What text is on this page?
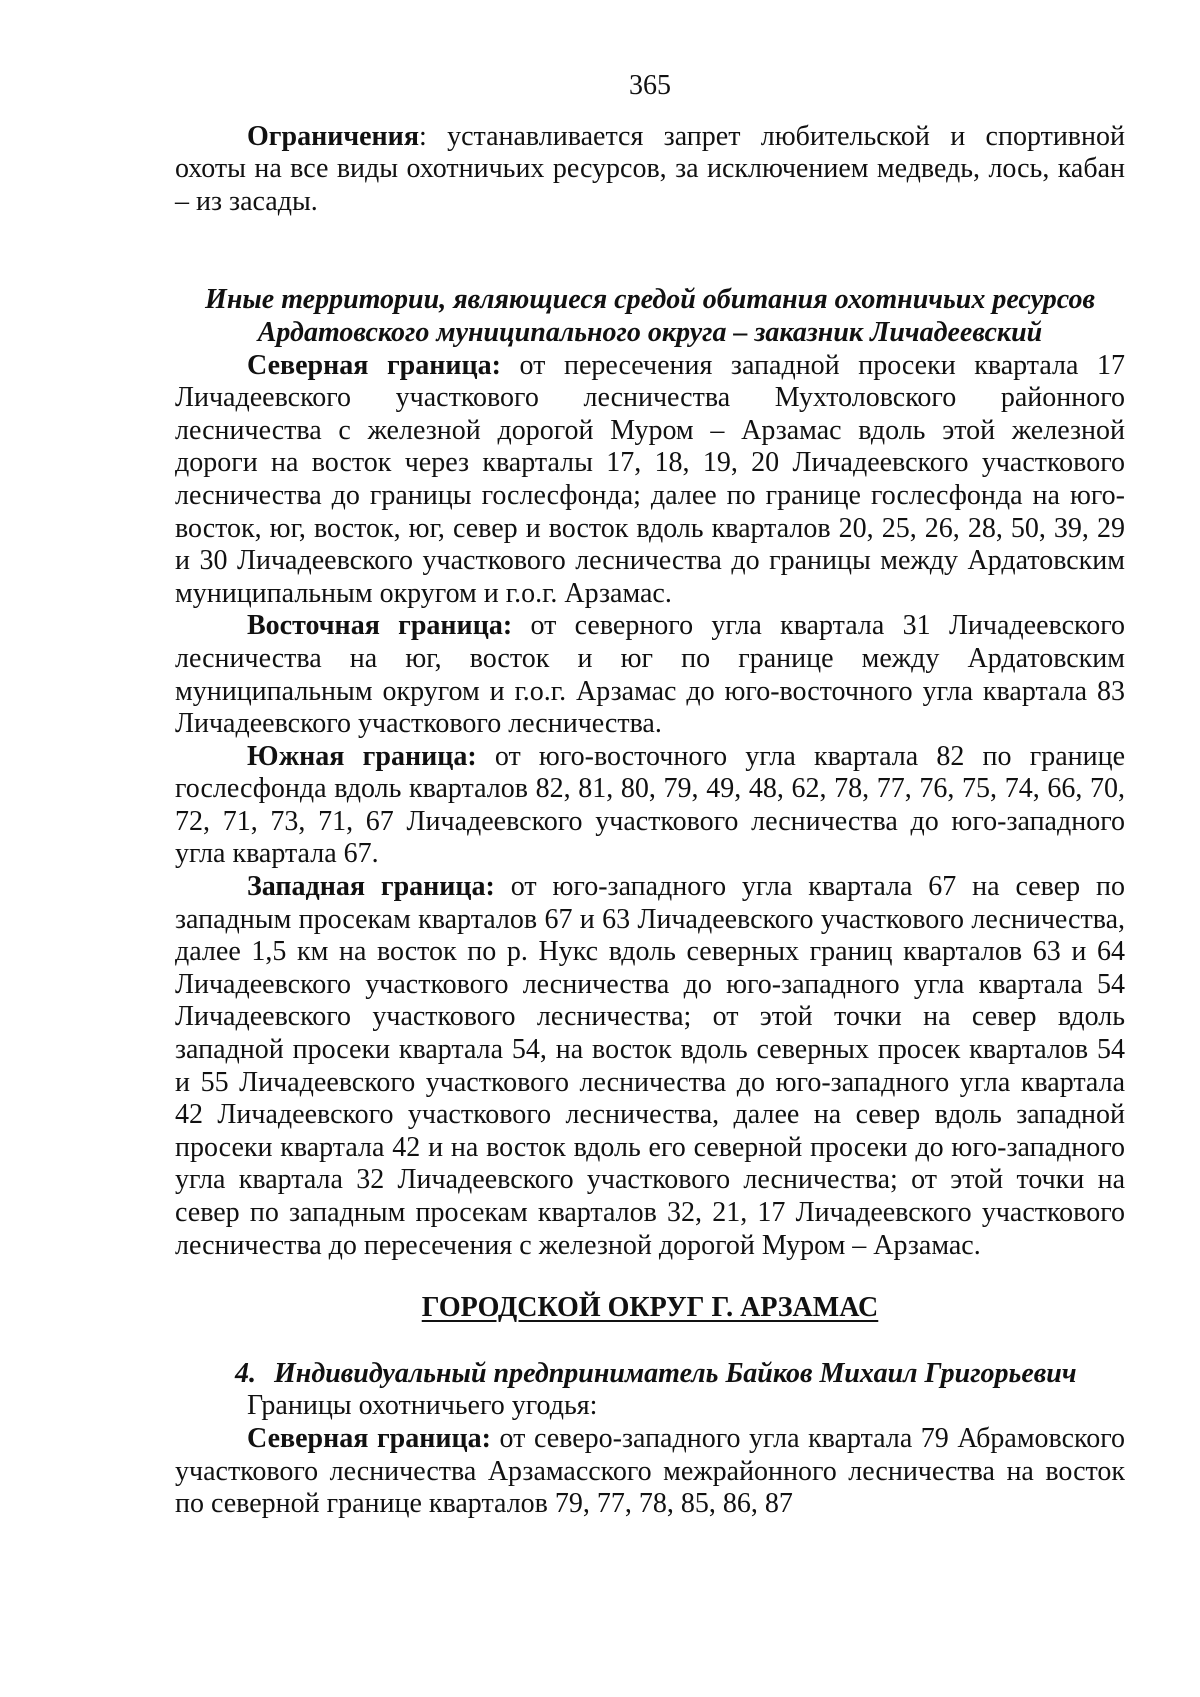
365

Ограничения: устанавливается запрет любительской и спортивной охоты на все виды охотничьих ресурсов, за исключением медведь, лось, кабан – из засады.

Иные территории, являющиеся средой обитания охотничьих ресурсов
Ардатовского муниципального округа – заказник Личадеевский

Северная граница: от пересечения западной просеки квартала 17 Личадеевского участкового лесничества Мухтоловского районного лесничества с железной дорогой Муром – Арзамас вдоль этой железной дороги на восток через кварталы 17, 18, 19, 20 Личадеевского участкового лесничества до границы гослесфонда; далее по границе гослесфонда на юго-восток, юг, восток, юг, север и восток вдоль кварталов 20, 25, 26, 28, 50, 39, 29 и 30 Личадеевского участкового лесничества до границы между Ардатовским муниципальным округом и г.о.г. Арзамас.

Восточная граница: от северного угла квартала 31 Личадеевского лесничества на юг, восток и юг по границе между Ардатовским муниципальным округом и г.о.г. Арзамас до юго-восточного угла квартала 83 Личадеевского участкового лесничества.

Южная граница: от юго-восточного угла квартала 82 по границе гослесфонда вдоль кварталов 82, 81, 80, 79, 49, 48, 62, 78, 77, 76, 75, 74, 66, 70, 72, 71, 73, 71, 67 Личадеевского участкового лесничества до юго-западного угла квартала 67.

Западная граница: от юго-западного угла квартала 67 на север по западным просекам кварталов 67 и 63 Личадеевского участкового лесничества, далее 1,5 км на восток по р. Нукс вдоль северных границ кварталов 63 и 64 Личадеевского участкового лесничества до юго-западного угла квартала 54 Личадеевского участкового лесничества; от этой точки на север вдоль западной просеки квартала 54, на восток вдоль северных просек кварталов 54 и 55 Личадеевского участкового лесничества до юго-западного угла квартала 42 Личадеевского участкового лесничества, далее на север вдоль западной просеки квартала 42 и на восток вдоль его северной просеки до юго-западного угла квартала 32 Личадеевского участкового лесничества; от этой точки на север по западным просекам кварталов 32, 21, 17 Личадеевского участкового лесничества до пересечения с железной дорогой Муром – Арзамас.

ГОРОДСКОЙ ОКРУГ Г. АРЗАМАС
4. Индивидуальный предприниматель Байков Михаил Григорьевич

Границы охотничьего угодья:

Северная граница: от северо-западного угла квартала 79 Абрамовского участкового лесничества Арзамасского межрайонного лесничества на восток по северной границе кварталов 79, 77, 78, 85, 86, 87
